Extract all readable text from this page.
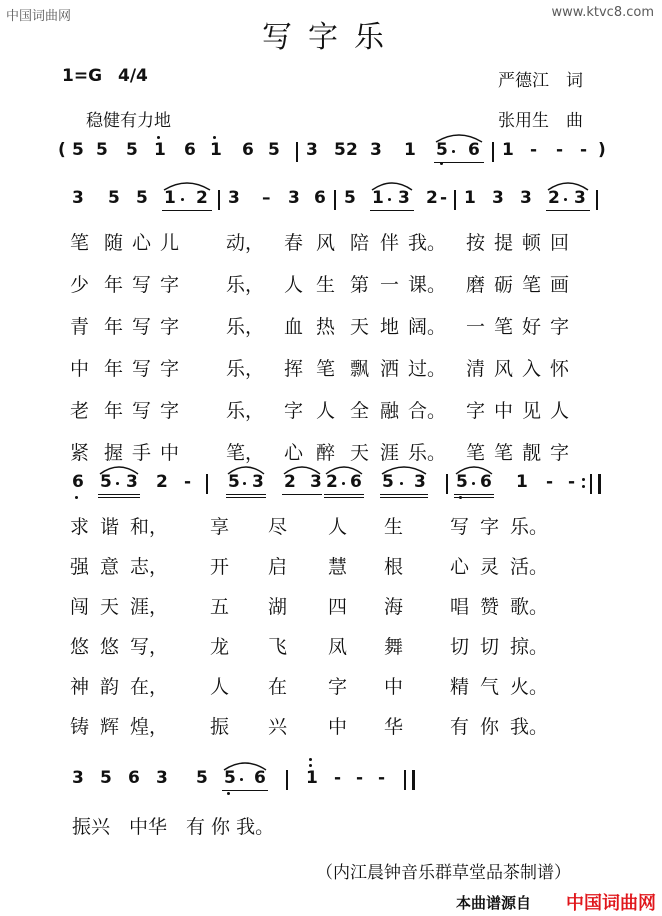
中国词曲网	www.ktvc8.com
写字乐
1=G 4/4	严德江　词
稳健有力地	张用生　曲
( 5 5 5 1 6 1 6 5 3 5 2 3 1 5 6 1 - - - )
3 5 5 1 2 3 – 3 6 5 1 3 2 - 1 3 3 2 3
笔 随 心 儿 动， 春 风 陪 伴 我。 按 提 顿 回
少 年 写 字 乐， 人 生 第 一 课。 磨 砺 笔 画
青 年 写 字 乐， 血 热 天 地 阔。 一 笔 好 字
中 年 写 字 乐， 挥 笔 飘 洒 过。 清 风 入 怀
老 年 写 字 乐， 字 人 全 融 合。 字 中 见 人
紧 握 手 中 笔， 心 醉 天 涯 乐。 笔 笔 靓 字
6 5 3 2 - 5 3 2 3 2 6 5 3 5 6 1 - -
求 谐 和， 享 尽 人 生 写 字 乐。
强 意 志， 开 启 慧 根 心 灵 活。
闯 天 涯， 五 湖 四 海 唱 赞 歌。
悠 悠 写， 龙 飞 凤 舞 切 切 掠。
神 韵 在， 人 在 字 中 精 气 火。
铸 辉 煌， 振 兴 中 华 有 你 我。
3 5 6 3 5 5 6 1 - - -
振兴　中华　有 你 我。
（内江晨钟音乐群草堂品茶制谱）
本曲谱源自 中国词曲网
